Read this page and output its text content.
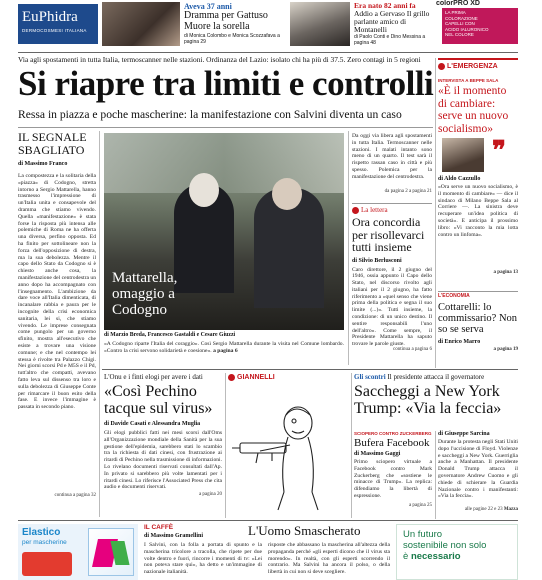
EuPhidra
DERMOCOSMESI ITALIANA
Aveva 37 anni
Dramma per Gattuso Muore la sorella
di Monica Colombo e Monica Scozzafava a pagina 29
Era nato 82 anni fa
Addio a Gervaso Il grillo parlante amico di Montanelli
di Paolo Conti e Dino Messina a pagina 48
colorPRO XD
LA PRIMA
COLORAZIONE
CAPELLI CON
ACIDO IALURONICO
NEL COLORE
Via agli spostamenti in tutta Italia, termoscanner nelle stazioni. Ordinanza del Lazio: isolato chi ha più di 37.5. Zero contagi in 5 regioni
Si riapre tra limiti e controlli
Ressa in piazza e poche mascherine: la manifestazione con Salvini diventa un caso
IL SEGNALE SBAGLIATO
di Massimo Franco
La compostezza e la solitaria della «piazza» di Codogno, stretta intorno a Sergio Mattarella, hanno trasmesso l'impressione di un'Italia unita e consapevole del dramma che stiamo vivendo. Quella «manifestazione» è stata forse la risposta più intensa alle polemiche di Roma ne ha offerta una diversa, perfino opposta. Ed ha finito per sottolineare non la forza dell'opposizione di destra, ma la sua debolezza. Mentre il capo dello Stato da Codogno si è chiesto anche cosa, la manifestazione del centrodestra un anno dopo ha accompagnato con l'insegnamento. L'ambizione da dare voce all'Italia dimenticata, di incanalare rabbia e paura per le incognite della crisi economica sanitaria, lei si, che stiamo vivendo. Le imprese consegnata come pungolo per un governo sfinito, mostra all'esecutivo che esiste a trovare una visione comune; e che nel contempo lei stessa è rivolte tra Palazzo Chigi. Nei giorni scorsi Pd e M5S e il Pd, tutt'altro che compatti, avevano fatto leva sul dissenso tra loro e sulla debolezza di Giuseppe Conte per rimarcare il buon esito della fase. E invece l'immagine è passata in secondo piano.
continua a pagina 32
Mattarella, omaggio a Codogno
di Marzio Breda, Francesco Gastaldi e Cesare Giuzzi
«A Codogno riparte l'Italia del coraggio». Così Sergio Mattarella durante la visita nel Comune lombardo. «Contro la crisi servono solidarietà e coesione». a pagina 6
Da oggi via libera agli spostamenti in tutta Italia. Termoscanner nelle stazioni. I malati intanto sono meno di un quarto. Il test sarà il rispetto rassan caso in città e più spesso. Polemica per la manifestazione del centrodestra.
da pagina 2 a pagina 21
La lettera
Ora concordia per risollevarci tutti insieme
di Silvio Berlusconi
Caro direttore, il 2 giugno del 1946, ossia appunto il Capo dello Stato, nel discorso rivolto agli italiani per il 2 giugno, ha fatto riferimento a «quel senso che viene prima della politica e segna il suo limite (...)». Tutti insieme, la condizione: di un unico destino. Il sentire responsabili l'uno dell'altro». Come sempre, il Presidente Mattarella ha saputo trovare le parole giuste.
continua a pagina 6
L'EMERGENZA
INTERVISTA A BEPPE SALA
«È il momento di cambiare: serve un nuovo socialismo»
❞
di Aldo Cazzullo
«Ora serve un nuovo socialismo, è il momento di cambiare» — dice il sindaco di Milano Beppe Sala al Corriere —. La sinistra deve recuperare un'idea politica di società». E anticipa il prossimo libro: «Vi racconto la mia lotta contro un linfoma».
a pagina 13
L'ECONOMIA
Cottarelli: lo commissario? Non so se serva
di Enrico Marro
a pagina 19
L'Onu e i finti elogi per avere i dati
«Così Pechino tacque sul virus»
di Davide Casati e Alessandra Muglia
Gli elogi pubblici fatti nei mesi scorsi dall'Oms all'Organizzazione mondiale della Sanità per la sua gestione dell'epidemia, sarebbero stati lo scambio tra la richiesta di dati cinesi, con frustrazione ai ritardi di Pechino nella trasmissione di informazioni. Lo rivelano documenti riservati consultati dall'Ap. In privato si sarebbero più volte lamentati per i ritardi cinesi. Lo riferisce l'Associated Press che cita audio e documenti riservati.
a pagina 20
GIANNELLI	Gli scontri Il presidente attacca il governatore
Saccheggi a New York Trump: «Via la feccia»
SCIOPERO CONTRO ZUCKERBERG
Bufera Facebook
di Massimo Gaggi
Primo sciopero virtuale a Facebook contro Mark Zuckerberg che «sostiene le minacce di Trump». La replica: difendiamo la libertà di espressione.
a pagina 25
di Giuseppe Sarcina
Durante la protesta negli Stati Uniti dopo l'uccisione di Floyd. Violenze e saccheggi a New York. Guerriglia anche a Manhattan. Il presidente Donald Trump attacca il governatore Andrew Cuomo e gli chiede di schierare la Guardia Nazionale contro i manifestanti: «Via la feccia».
alle pagine 22 e 23 Mazza
Elastico
per mascherine
IL CAFFÈ
di Massimo Gramellini	L'Uomo Smascherato
I Salvini, con la folla a portata di spunto e la mascherina tricolore a tracolla, che ripete per due volte dentro e fuori, rincorre i momenti di tv: «Lei non poteva stare qui», ha detto e un'immagine di nazionale italianità.
risposte che abbassano la mascherina all'altezza della propaganda perché «gli esperti dicono che il virus sta morendo». In realtà, con gli esperti scorrendo il contrario. Ma Salvini ha ancora il polso, o della libertà in cui non si deve scegliere.
Un futuro
sostenibile non solo
è necessario
